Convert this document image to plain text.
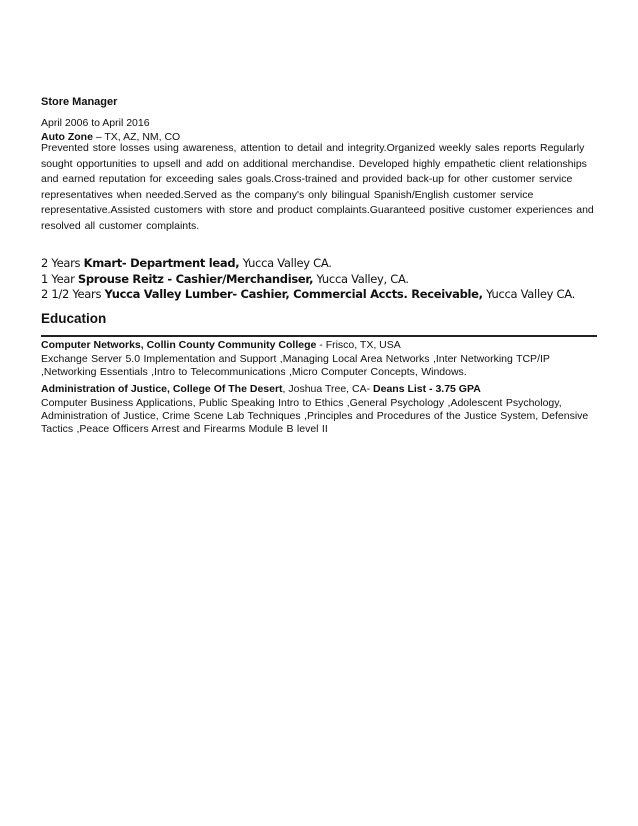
Store Manager
April 2006 to April 2016
Auto Zone – TX, AZ, NM, CO
Prevented store losses using awareness, attention to detail and integrity.Organized weekly sales reports Regularly sought opportunities to upsell and add on additional merchandise. Developed highly empathetic client relationships and earned reputation for exceeding sales goals.Cross-trained and provided back-up for other customer service representatives when needed.Served as the company's only bilingual Spanish/English customer service representative.Assisted customers with store and product complaints.Guaranteed positive customer experiences and resolved all customer complaints.
2 Years Kmart- Department lead, Yucca Valley CA.
1 Year Sprouse Reitz - Cashier/Merchandiser, Yucca Valley, CA.
2 1/2 Years Yucca Valley Lumber- Cashier, Commercial Accts. Receivable, Yucca Valley CA.
Education
Computer Networks, Collin County Community College - Frisco, TX, USA
Exchange Server 5.0 Implementation and Support ,Managing Local Area Networks ,Inter Networking TCP/IP ,Networking Essentials ,Intro to Telecommunications ,Micro Computer Concepts, Windows.
Administration of Justice, College Of The Desert, Joshua Tree, CA- Deans List - 3.75 GPA
Computer Business Applications, Public Speaking Intro to Ethics ,General Psychology ,Adolescent Psychology, Administration of Justice, Crime Scene Lab Techniques ,Principles and Procedures of the Justice System, Defensive Tactics ,Peace Officers Arrest and Firearms Module B level II
